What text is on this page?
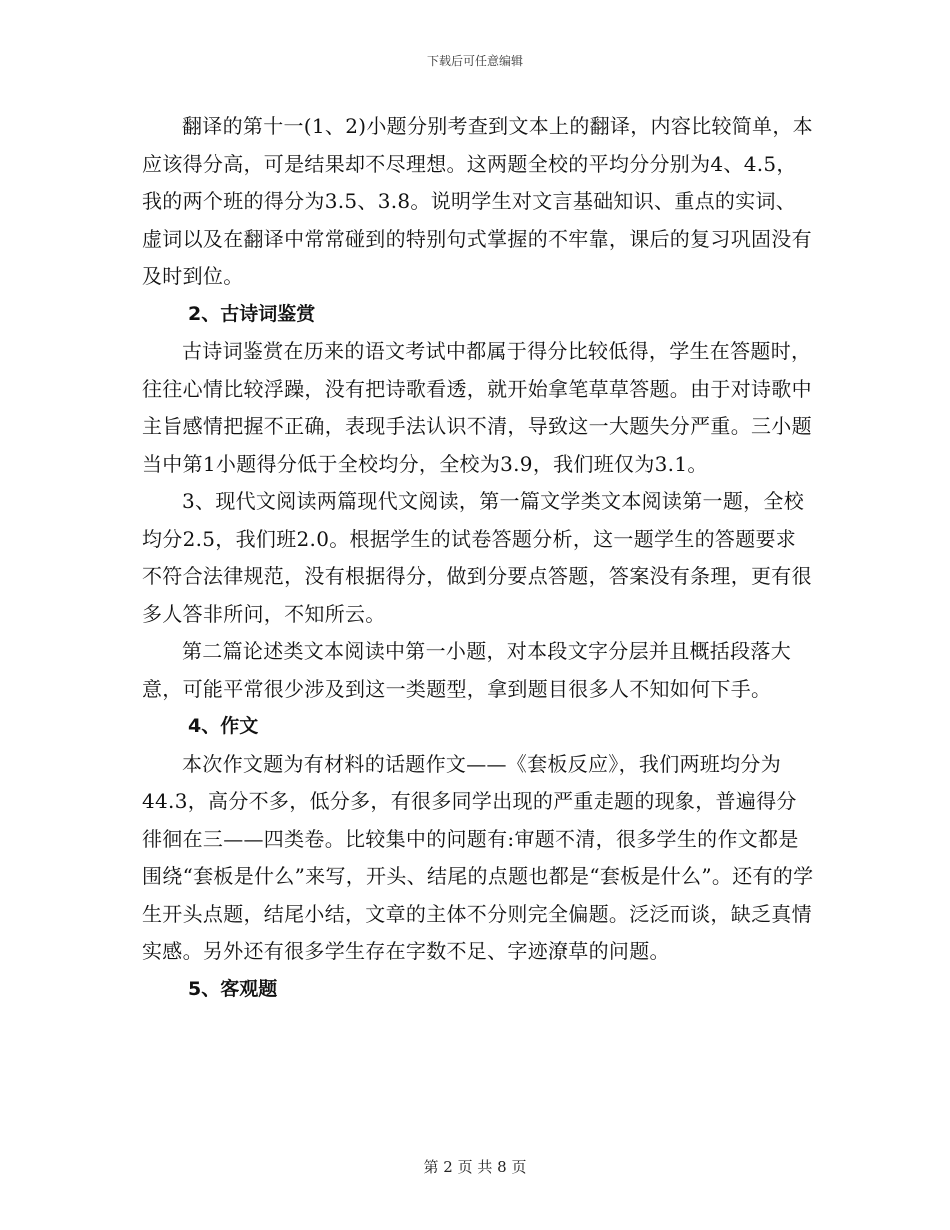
下载后可任意编辑

翻译的第十一(1、2)小题分别考查到文本上的翻译，内容比较简单，本应该得分高，可是结果却不尽理想。这两题全校的平均分分别为4、4.5，我的两个班的得分为3.5、3.8。说明学生对文言基础知识、重点的实词、虚词以及在翻译中常常碰到的特别句式掌握的不牢靠，课后的复习巩固没有及时到位。

2、古诗词鉴赏

古诗词鉴赏在历来的语文考试中都属于得分比较低得，学生在答题时，往往心情比较浮躁，没有把诗歌看透，就开始拿笔草草答题。由于对诗歌中主旨感情把握不正确，表现手法认识不清，导致这一大题失分严重。三小题当中第1小题得分低于全校均分，全校为3.9，我们班仅为3.1。

3、现代文阅读两篇现代文阅读，第一篇文学类文本阅读第一题，全校均分2.5，我们班2.0。根据学生的试卷答题分析，这一题学生的答题要求不符合法律规范，没有根据得分，做到分要点答题，答案没有条理，更有很多人答非所问，不知所云。

第二篇论述类文本阅读中第一小题，对本段文字分层并且概括段落大意，可能平常很少涉及到这一类题型，拿到题目很多人不知如何下手。

4、作文

本次作文题为有材料的话题作文——《套板反应》，我们两班均分为44.3，高分不多，低分多，有很多同学出现的严重走题的现象，普遍得分徘徊在三——四类卷。比较集中的问题有:审题不清，很多学生的作文都是围绕“套板是什么”来写，开头、结尾的点题也都是“套板是什么”。还有的学生开头点题，结尾小结，文章的主体不分则完全偏题。泛泛而谈，缺乏真情实感。另外还有很多学生存在字数不足、字迹潦草的问题。

5、客观题

第 2 页 共 8 页
